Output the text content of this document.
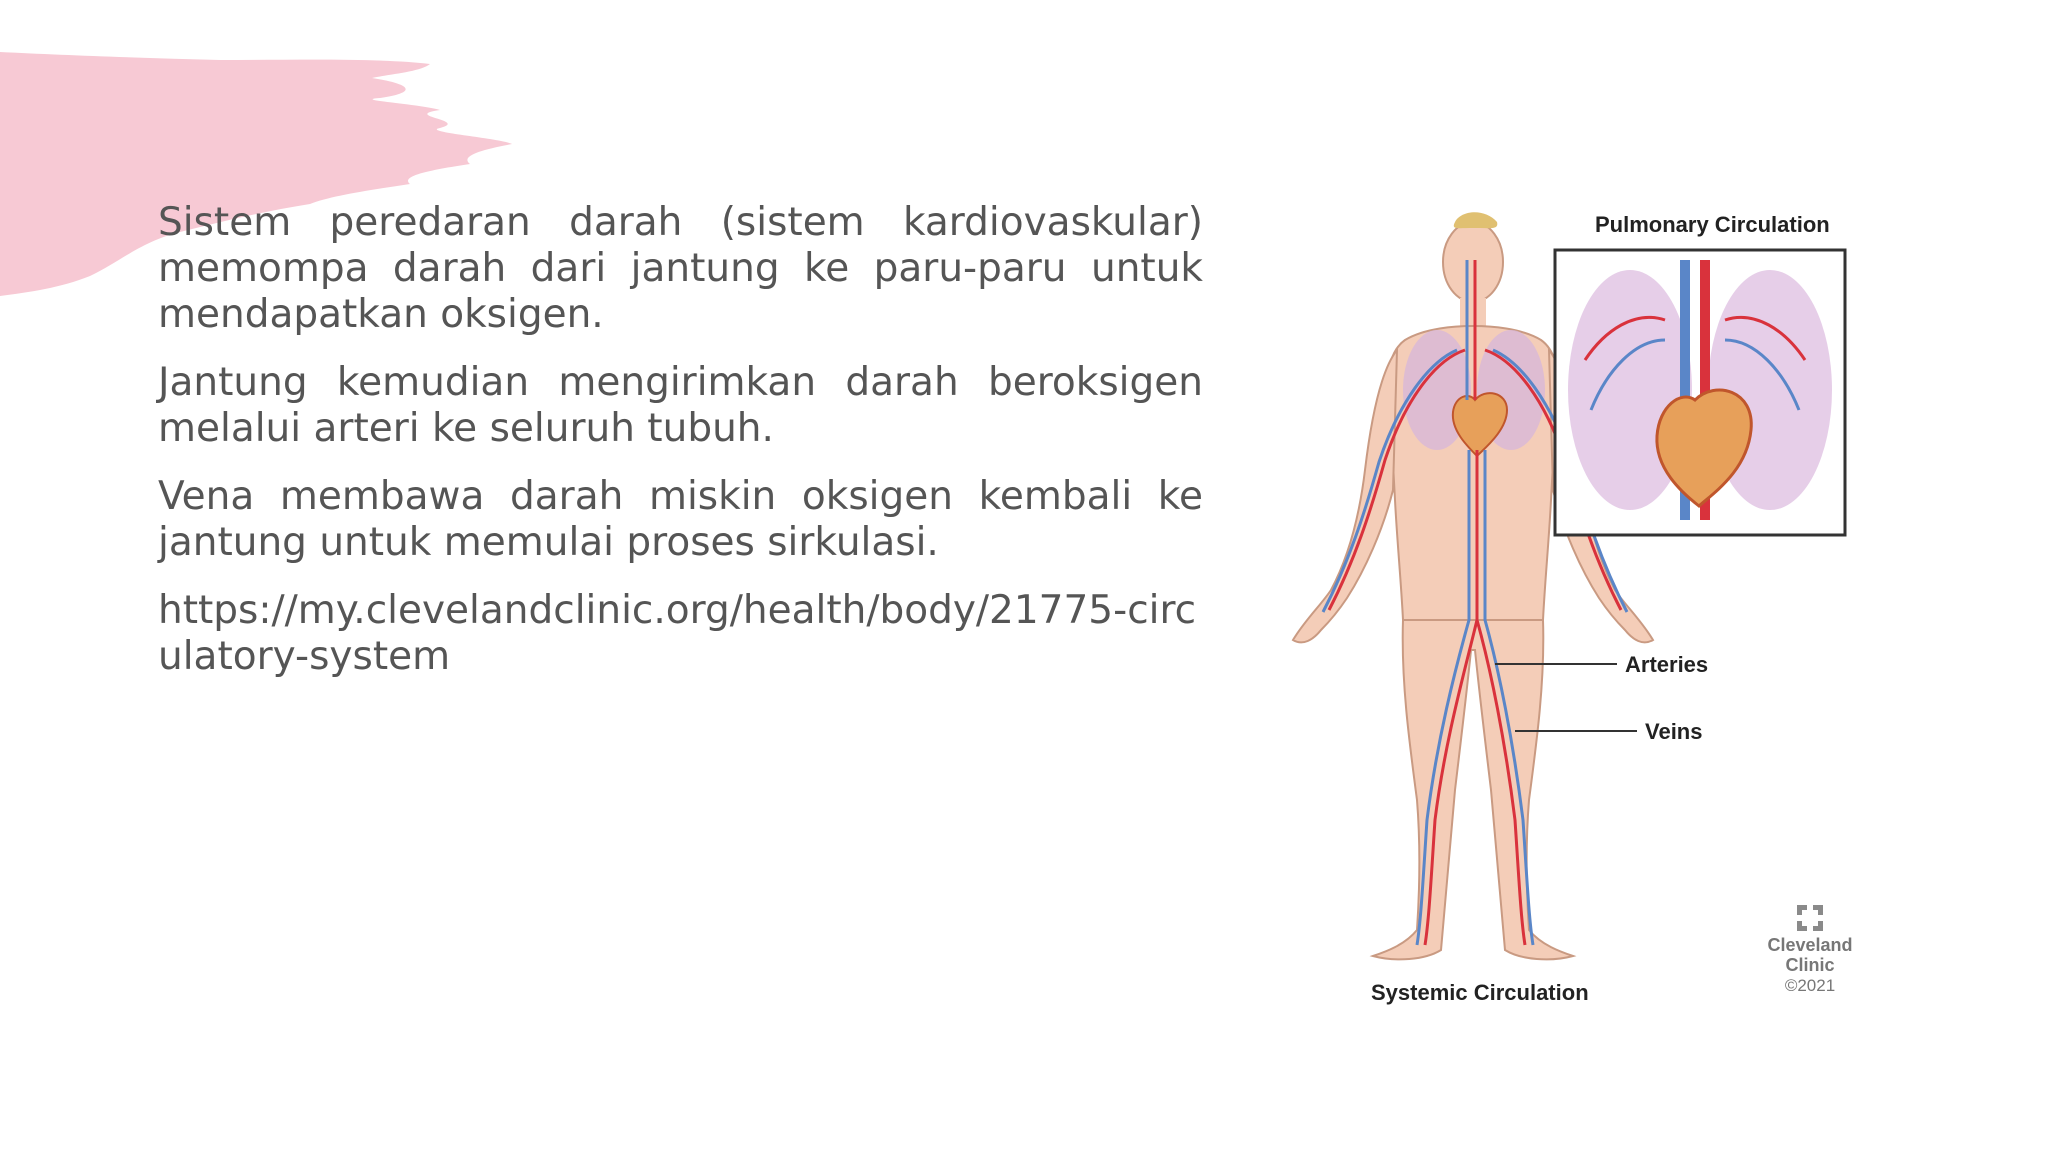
Sistem peredaran darah (sistem kardiovaskular) memompa darah dari jantung ke paru-paru untuk mendapatkan oksigen.

Jantung kemudian mengirimkan darah beroksigen melalui arteri ke seluruh tubuh.

Vena membawa darah miskin oksigen kembali ke jantung untuk memulai proses sirkulasi.

https://my.clevelandclinic.org/health/body/21775-circulatory-system

Pulmonary Circulation
Arteries
Veins
Systemic Circulation
Cleveland
Clinic
©2021
